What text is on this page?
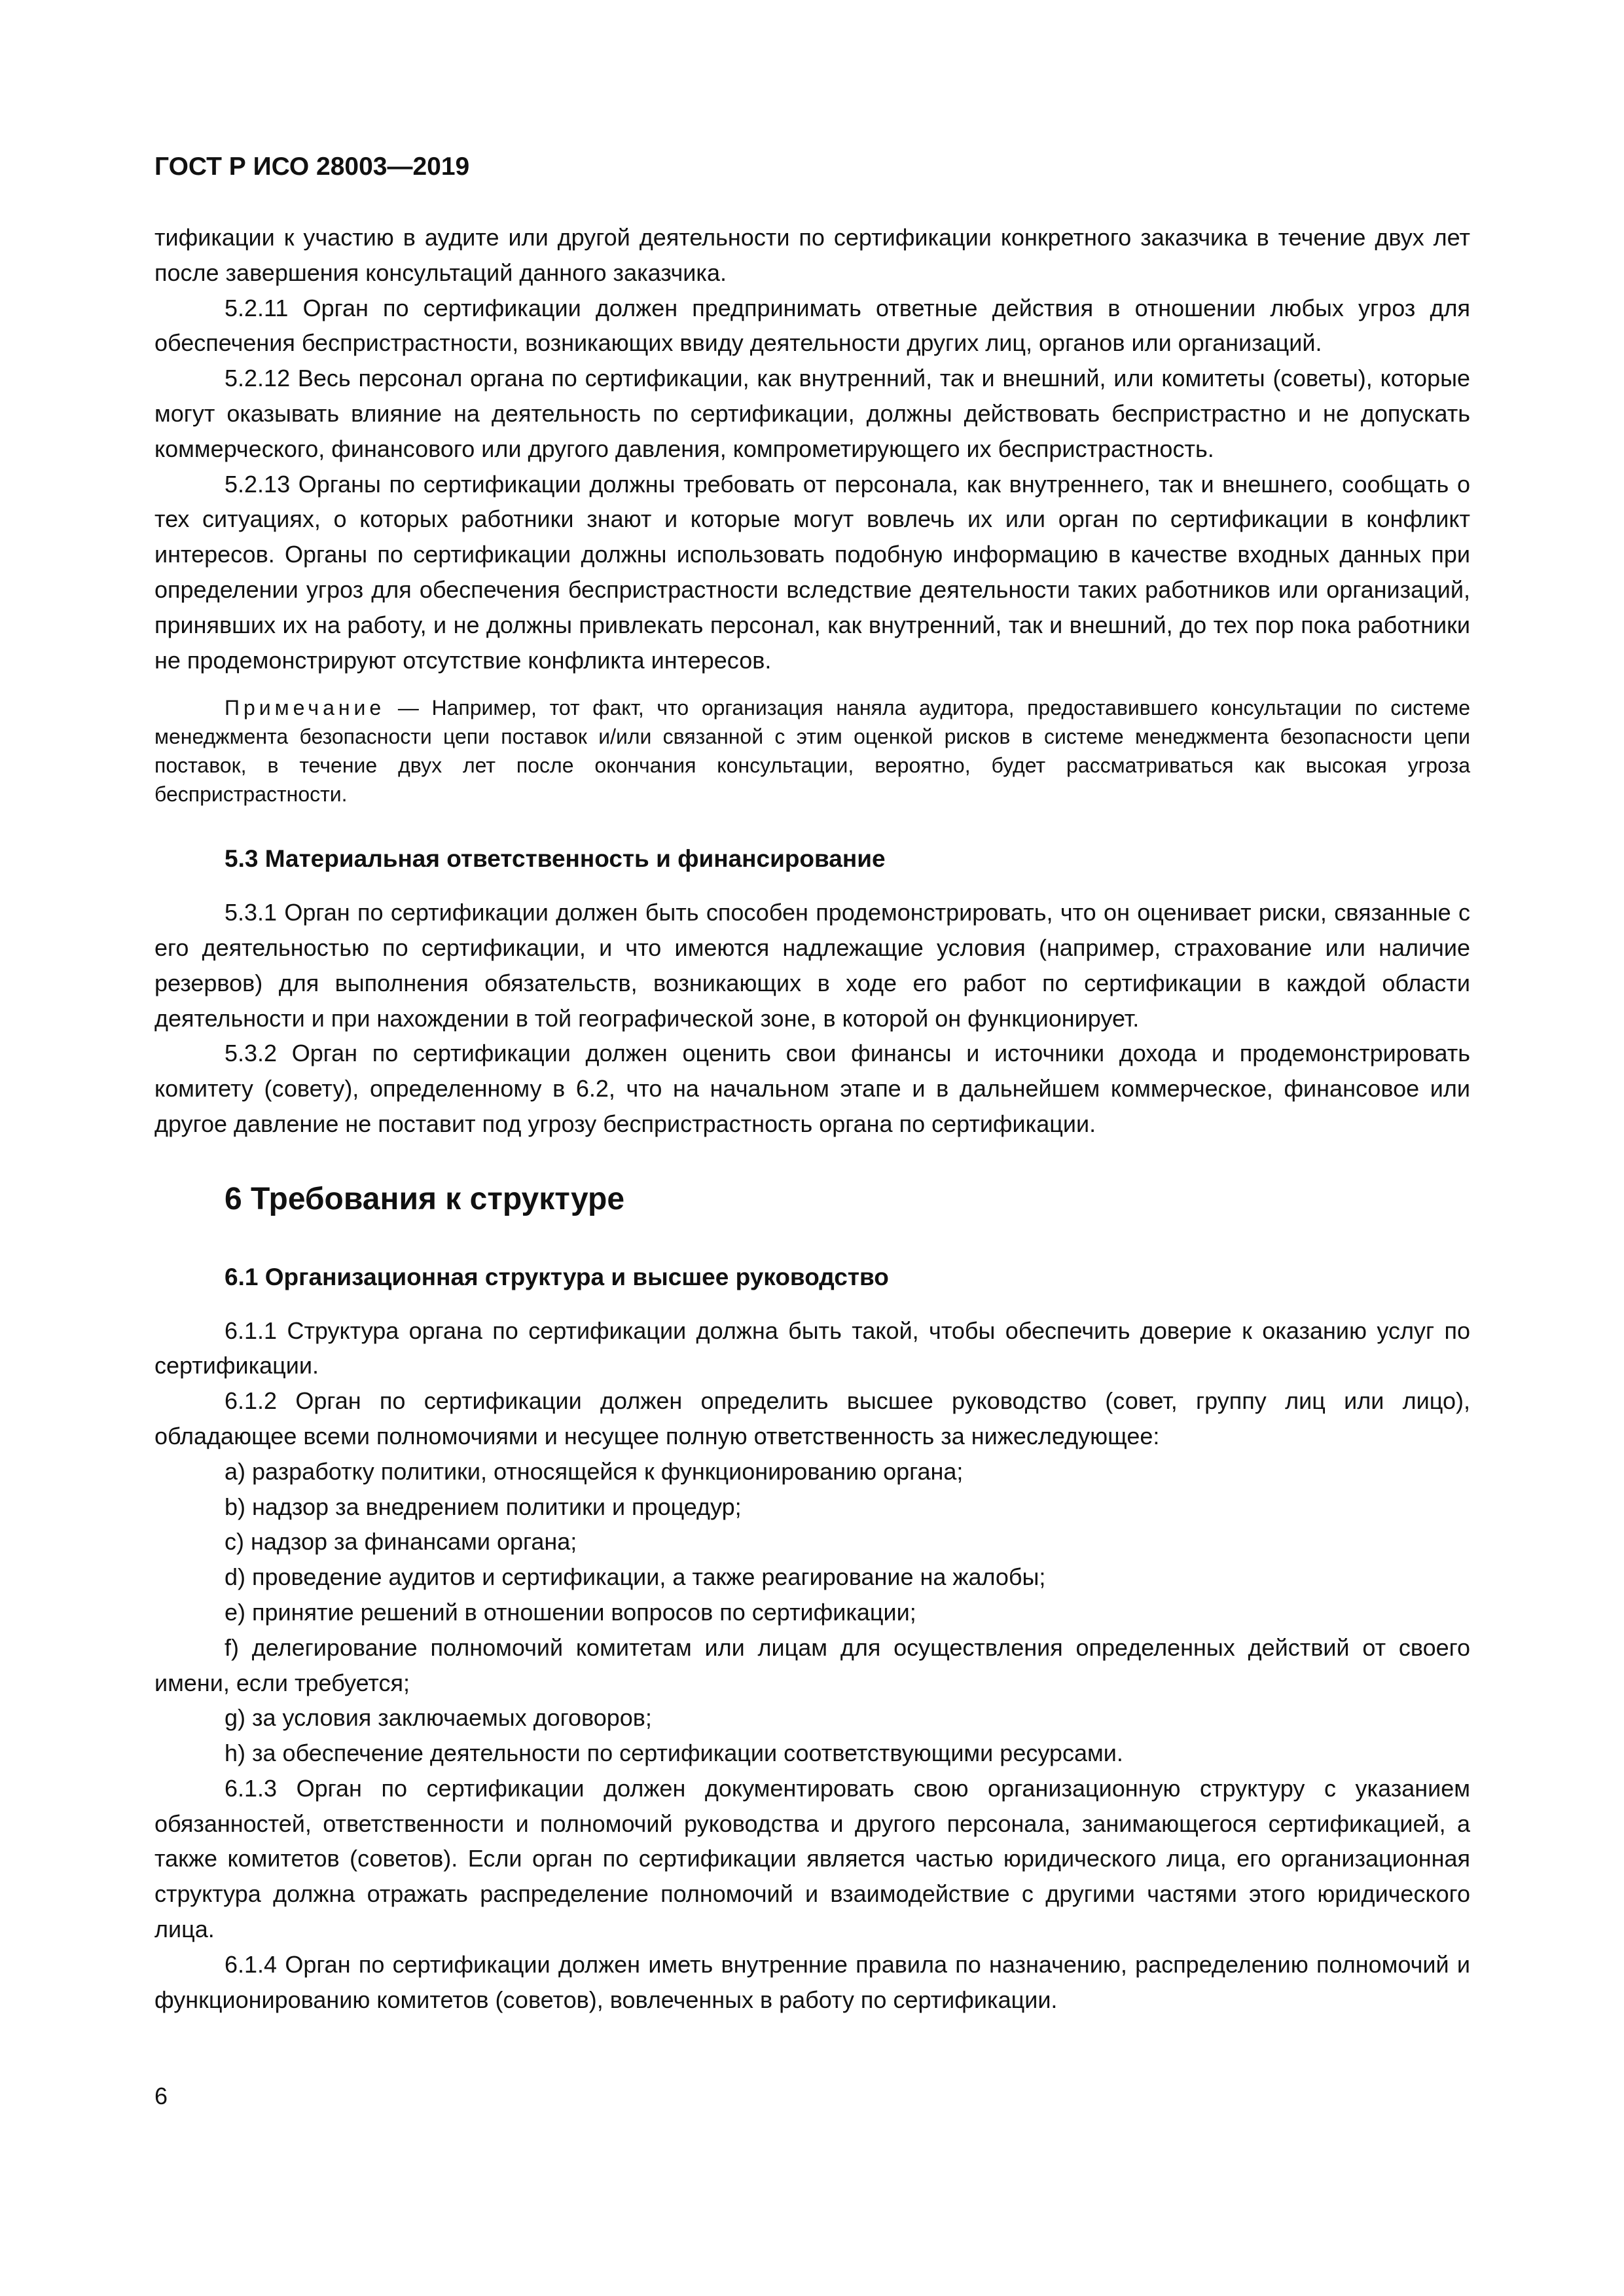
ГОСТ Р ИСО 28003—2019

тификации к участию в аудите или другой деятельности по сертификации конкретного заказчика в течение двух лет после завершения консультаций данного заказчика.

5.2.11 Орган по сертификации должен предпринимать ответные действия в отношении любых угроз для обеспечения беспристрастности, возникающих ввиду деятельности других лиц, органов или организаций.

5.2.12 Весь персонал органа по сертификации, как внутренний, так и внешний, или комитеты (советы), которые могут оказывать влияние на деятельность по сертификации, должны действовать беспристрастно и не допускать коммерческого, финансового или другого давления, компрометирующего их беспристрастность.

5.2.13 Органы по сертификации должны требовать от персонала, как внутреннего, так и внешнего, сообщать о тех ситуациях, о которых работники знают и которые могут вовлечь их или орган по сертификации в конфликт интересов. Органы по сертификации должны использовать подобную информацию в качестве входных данных при определении угроз для обеспечения беспристрастности вследствие деятельности таких работников или организаций, принявших их на работу, и не должны привлекать персонал, как внутренний, так и внешний, до тех пор пока работники не продемонстрируют отсутствие конфликта интересов.

Примечание — Например, тот факт, что организация наняла аудитора, предоставившего консультации по системе менеджмента безопасности цепи поставок и/или связанной с этим оценкой рисков в системе менеджмента безопасности цепи поставок, в течение двух лет после окончания консультации, вероятно, будет рассматриваться как высокая угроза беспристрастности.

5.3 Материальная ответственность и финансирование

5.3.1 Орган по сертификации должен быть способен продемонстрировать, что он оценивает риски, связанные с его деятельностью по сертификации, и что имеются надлежащие условия (например, страхование или наличие резервов) для выполнения обязательств, возникающих в ходе его работ по сертификации в каждой области деятельности и при нахождении в той географической зоне, в которой он функционирует.

5.3.2 Орган по сертификации должен оценить свои финансы и источники дохода и продемонстрировать комитету (совету), определенному в 6.2, что на начальном этапе и в дальнейшем коммерческое, финансовое или другое давление не поставит под угрозу беспристрастность органа по сертификации.

6 Требования к структуре
6.1 Организационная структура и высшее руководство

6.1.1 Структура органа по сертификации должна быть такой, чтобы обеспечить доверие к оказанию услуг по сертификации.

6.1.2 Орган по сертификации должен определить высшее руководство (совет, группу лиц или лицо), обладающее всеми полномочиями и несущее полную ответственность за нижеследующее:

a) разработку политики, относящейся к функционированию органа;

b) надзор за внедрением политики и процедур;

c) надзор за финансами органа;

d) проведение аудитов и сертификации, а также реагирование на жалобы;

e) принятие решений в отношении вопросов по сертификации;

f) делегирование полномочий комитетам или лицам для осуществления определенных действий от своего имени, если требуется;

g) за условия заключаемых договоров;

h) за обеспечение деятельности по сертификации соответствующими ресурсами.

6.1.3 Орган по сертификации должен документировать свою организационную структуру с указанием обязанностей, ответственности и полномочий руководства и другого персонала, занимающегося сертификацией, а также комитетов (советов). Если орган по сертификации является частью юридического лица, его организационная структура должна отражать распределение полномочий и взаимодействие с другими частями этого юридического лица.

6.1.4 Орган по сертификации должен иметь внутренние правила по назначению, распределению полномочий и функционированию комитетов (советов), вовлеченных в работу по сертификации.

6
